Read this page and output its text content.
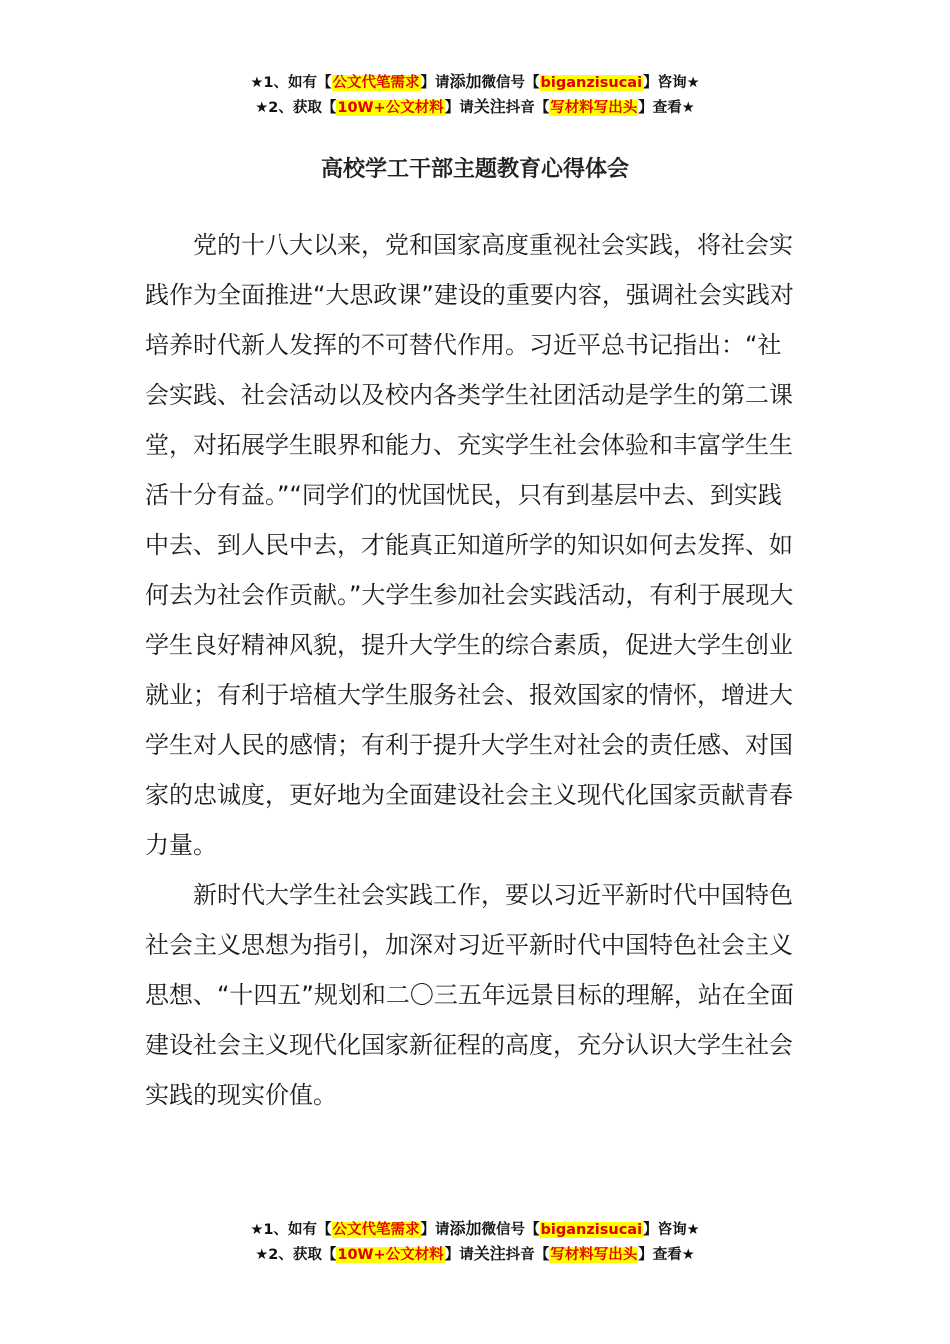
★1、如有【公文代笔需求】请添加微信号【biganzisucai】咨询★
★2、获取【10W+公文材料】请关注抖音【写材料写出头】查看★
高校学工干部主题教育心得体会

党的十八大以来，党和国家高度重视社会实践，将社会实践作为全面推进“大思政课”建设的重要内容，强调社会实践对培养时代新人发挥的不可替代作用。习近平总书记指出：“社会实践、社会活动以及校内各类学生社团活动是学生的第二课堂，对拓展学生眼界和能力、充实学生社会体验和丰富学生生活十分有益。”“同学们的忧国忧民，只有到基层中去、到实践中去、到人民中去，才能真正知道所学的知识如何去发挥、如何去为社会作贡献。”大学生参加社会实践活动，有利于展现大学生良好精神风貌，提升大学生的综合素质，促进大学生创业就业；有利于培植大学生服务社会、报效国家的情怀，增进大学生对人民的感情；有利于提升大学生对社会的责任感、对国家的忠诚度，更好地为全面建设社会主义现代化国家贡献青春力量。

新时代大学生社会实践工作，要以习近平新时代中国特色社会主义思想为指引，加深对习近平新时代中国特色社会主义思想、“十四五”规划和二〇三五年远景目标的理解，站在全面建设社会主义现代化国家新征程的高度，充分认识大学生社会实践的现实价值。

★1、如有【公文代笔需求】请添加微信号【biganzisucai】咨询★
★2、获取【10W+公文材料】请关注抖音【写材料写出头】查看★
